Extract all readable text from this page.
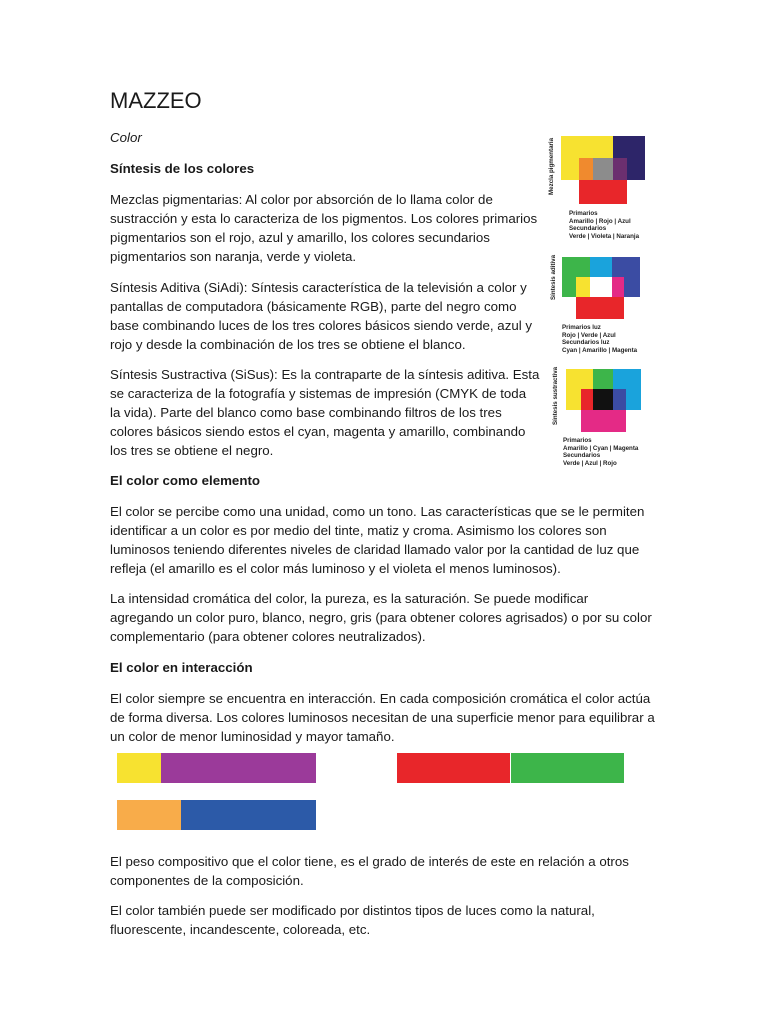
MAZZEO

Color

Síntesis de los colores

Mezclas pigmentarias: Al color por absorción de lo llama color de sustracción y esta lo caracteriza de los pigmentos. Los colores primarios pigmentarios son el rojo, azul y amarillo, los colores secundarios pigmentarios son naranja, verde y violeta.

Síntesis Aditiva (SiAdi): Síntesis característica de la televisión a color y pantallas de computadora (básicamente RGB), parte del negro como base combinando luces de los tres colores básicos siendo verde, azul y rojo y desde la combinación de los tres se obtiene el blanco.

Síntesis Sustractiva (SiSus): Es la contraparte de la síntesis aditiva. Esta se caracteriza de la fotografía y sistemas de impresión (CMYK de toda la vida). Parte del blanco como base combinando filtros de los tres colores básicos siendo estos el cyan, magenta y amarillo, combinando los tres se obtiene el negro.

El color como elemento

El color se percibe como una unidad, como un tono. Las características que se le permiten identificar a un color es por medio del tinte, matiz y croma. Asimismo los colores son luminosos teniendo diferentes niveles de claridad llamado valor por la cantidad de luz que refleja (el amarillo es el color más luminoso y el violeta el menos luminosos).

La intensidad cromática del color, la pureza, es la saturación. Se puede modificar agregando un color puro, blanco, negro, gris (para obtener colores agrisados) o por su color complementario (para obtener colores neutralizados).

El color en interacción

El color siempre se encuentra en interacción. En cada composición cromática el color actúa de forma diversa. Los colores luminosos necesitan de una superficie menor para equilibrar a un color de menor luminosidad y mayor tamaño.

El peso compositivo que el color tiene, es el grado de interés de este en relación a otros componentes de la composición.

El color también puede ser modificado por distintos tipos de luces como la natural, fluorescente, incandescente, coloreada, etc.

Mezcla pigmentaria
Primarios
Amarillo | Rojo | Azul
Secundarios
Verde | Violeta | Naranja
Síntesis aditiva
Primarios luz
Rojo | Verde | Azul
Secundarios luz
Cyan | Amarillo | Magenta
Síntesis sustractiva
Primarios
Amarillo | Cyan | Magenta
Secundarios
Verde | Azul | Rojo
